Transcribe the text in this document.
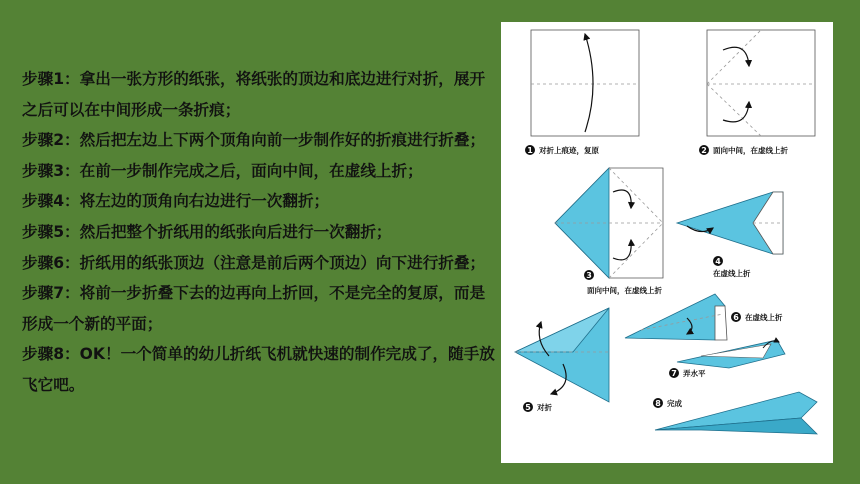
步骤1：拿出一张方形的纸张，将纸张的顶边和底边进行对折，展开之后可以在中间形成一条折痕；

步骤2：然后把左边上下两个顶角向前一步制作好的折痕进行折叠；

步骤3：在前一步制作完成之后，面向中间，在虚线上折；

步骤4：将左边的顶角向右边进行一次翻折；

步骤5：然后把整个折纸用的纸张向后进行一次翻折；

步骤6：折纸用的纸张顶边（注意是前后两个顶边）向下进行折叠；

步骤7：将前一步折叠下去的边再向上折回，不是完全的复原，而是形成一个新的平面；

步骤8：OK！一个简单的幼儿折纸飞机就快速的制作完成了，随手放飞它吧。

1 对折上痕迹，复原	2 面向中间，在虚线上折
3
面向中间，在虚线上折
4
在虚线上折
5 对折
6 在虚线上折
7 弄水平
8 完成
